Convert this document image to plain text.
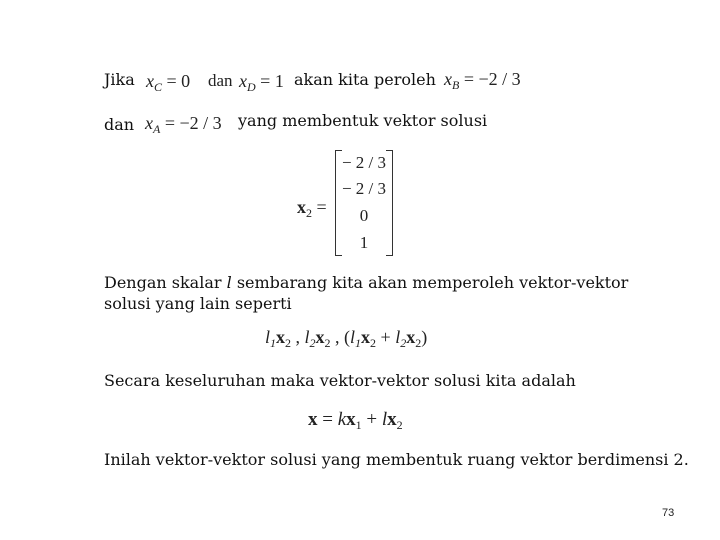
Jika $x_C = 0$ dan $x_D = 1$ akan kita peroleh $x_B = -2 / 3$
dan $x_A = -2 / 3$ yang membentuk vektor solusi
$x_2$ =
− 2 / 3
− 2 / 3
0
1
Dengan skalar l sembarang kita akan memperoleh vektor-vektor
solusi yang lain seperti
$l_1x_2$ , $l_2x_2$ , $(l_1x_2 + l_2x_2)$
Secara keseluruhan maka vektor-vektor solusi kita adalah
$x = kx_1 + lx_2$
Inilah vektor-vektor solusi yang membentuk ruang vektor berdimensi 2.
73
